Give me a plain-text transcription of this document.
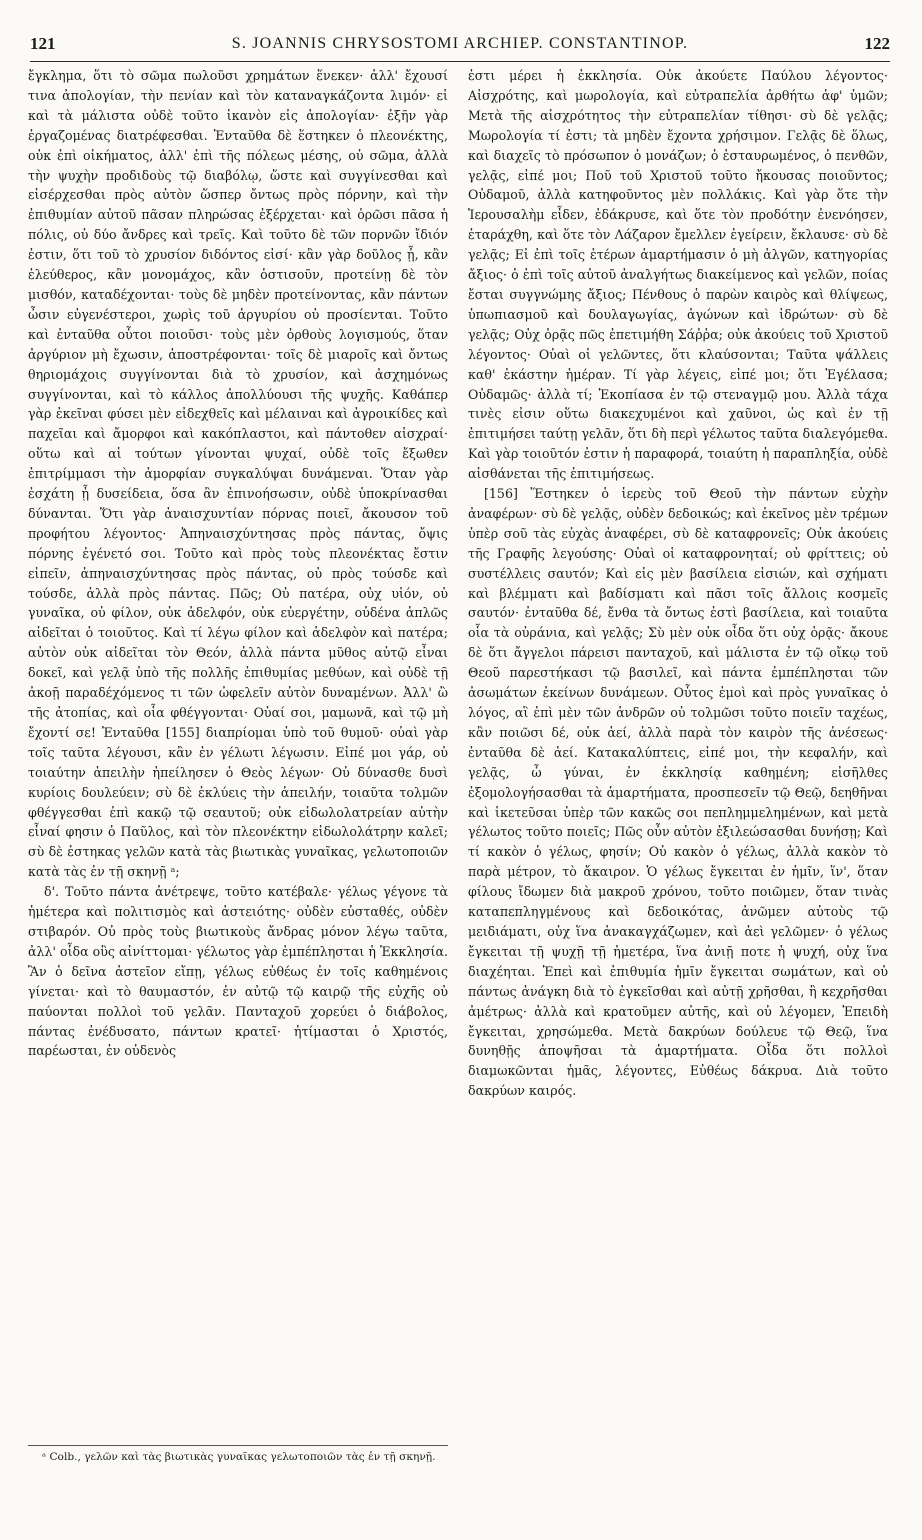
121	S. JOANNIS CHRYSOSTOMI ARCHIEP. CONSTANTINOP.	122

ἔγκλημα, ὅτι τὸ σῶμα πωλοῦσι χρημάτων ἕνεκεν· ἀλλ' ἔχουσί τινα ἀπολογίαν, τὴν πενίαν καὶ τὸν καταναγκάζοντα λιμόν· εἰ καὶ τὰ μάλιστα οὐδὲ τοῦτο ἱκανὸν εἰς ἀπολογίαν· ἐξῆν γὰρ ἐργαζομένας διατρέφεσθαι. Ἐνταῦθα δὲ ἕστηκεν ὁ πλεονέκτης, οὐκ ἐπὶ οἰκήματος, ἀλλ' ἐπὶ τῆς πόλεως μέσης, οὐ σῶμα, ἀλλὰ τὴν ψυχὴν προδιδοὺς τῷ διαβόλῳ, ὥστε καὶ συγγίνεσθαι καὶ εἰσέρχεσθαι πρὸς αὐτὸν ὥσπερ ὄντως πρὸς πόρνην, καὶ τὴν ἐπιθυμίαν αὐτοῦ πᾶσαν πληρώσας ἐξέρχεται· καὶ ὁρῶσι πᾶσα ἡ πόλις, οὐ δύο ἄνδρες καὶ τρεῖς. Καὶ τοῦτο δὲ τῶν πορνῶν ἴδιόν ἐστιν, ὅτι τοῦ τὸ χρυσίον διδόντος εἰσί· κἂν γὰρ δοῦλος ᾖ, κἂν ἐλεύθερος, κἂν μονομάχος, κἂν ὁστισοῦν, προτείνῃ δὲ τὸν μισθόν, καταδέχονται· τοὺς δὲ μηδὲν προτείνοντας, κἂν πάντων ὦσιν εὐγενέστεροι, χωρὶς τοῦ ἀργυρίου οὐ προσίενται. Τοῦτο καὶ ἐνταῦθα οὗτοι ποιοῦσι· τοὺς μὲν ὀρθοὺς λογισμούς, ὅταν ἀργύριον μὴ ἔχωσιν, ἀποστρέφονται· τοῖς δὲ μιαροῖς καὶ ὄντως θηριομάχοις συγγίνονται διὰ τὸ χρυσίον, καὶ ἀσχημόνως συγγίνονται, καὶ τὸ κάλλος ἀπολλύουσι τῆς ψυχῆς. Καθάπερ γὰρ ἐκεῖναι φύσει μὲν εἰδεχθεῖς καὶ μέλαιναι καὶ ἀγροικίδες καὶ παχεῖαι καὶ ἄμορφοι καὶ κακόπλαστοι, καὶ πάντοθεν αἰσχραί· οὕτω καὶ αἱ τούτων γίνονται ψυχαί, οὐδὲ τοῖς ἔξωθεν ἐπιτρίμμασι τὴν ἀμορφίαν συγκαλύψαι δυνάμεναι. Ὅταν γὰρ ἐσχάτη ᾖ δυσείδεια, ὅσα ἂν ἐπινοήσωσιν, οὐδὲ ὑποκρίνασθαι δύνανται. Ὅτι γὰρ ἀναισχυντίαν πόρνας ποιεῖ, ἄκουσον τοῦ προφήτου λέγοντος· Ἀπηναισχύντησας πρὸς πάντας, ὄψις πόρνης ἐγένετό σοι. Τοῦτο καὶ πρὸς τοὺς πλεονέκτας ἔστιν εἰπεῖν, ἀπηναισχύντησας πρὸς πάντας, οὐ πρὸς τούσδε καὶ τούσδε, ἀλλὰ πρὸς πάντας. Πῶς; Οὐ πατέρα, οὐχ υἱόν, οὐ γυναῖκα, οὐ φίλον, οὐκ ἀδελφόν, οὐκ εὐεργέτην, οὐδένα ἁπλῶς αἰδεῖται ὁ τοιοῦτος. Καὶ τί λέγω φίλον καὶ ἀδελφὸν καὶ πατέρα; αὐτὸν οὐκ αἰδεῖται τὸν Θεόν, ἀλλὰ πάντα μῦθος αὐτῷ εἶναι δοκεῖ, καὶ γελᾷ ὑπὸ τῆς πολλῆς ἐπιθυμίας μεθύων, καὶ οὐδὲ τῇ ἀκοῇ παραδέχόμενος τι τῶν ὠφελεῖν αὐτὸν δυναμένων. Ἀλλ' ὢ τῆς ἀτοπίας, καὶ οἷα φθέγγονται· Οὐαί σοι, μαμωνᾶ, καὶ τῷ μὴ ἔχοντί σε! Ἐνταῦθα [155] διαπρίομαι ὑπὸ τοῦ θυμοῦ· οὐαὶ γὰρ τοῖς ταῦτα λέγουσι, κἂν ἐν γέλωτι λέγωσιν. Εἰπέ μοι γάρ, οὐ τοιαύτην ἀπειλὴν ἠπείλησεν ὁ Θεὸς λέγων· Οὐ δύνασθε δυσὶ κυρίοις δουλεύειν; σὺ δὲ ἐκλύεις τὴν ἀπειλήν, τοιαῦτα τολμῶν φθέγγεσθαι ἐπὶ κακῷ τῷ σεαυτοῦ; οὐκ εἰδωλολατρείαν αὐτὴν εἶναί φησιν ὁ Παῦλος, καὶ τὸν πλεονέκτην εἰδωλολάτρην καλεῖ; σὺ δὲ ἐστηκας γελῶν κατὰ τὰς βιωτικὰς γυναῖκας, γελωτοποιῶν κατὰ τὰς ἐν τῇ σκηνῇ ᵃ;

δ'. Τοῦτο πάντα ἀνέτρεψε, τοῦτο κατέβαλε· γέλως γέγονε τὰ ἡμέτερα καὶ πολιτισμὸς καὶ ἀστειότης· οὐδὲν εὐσταθές, οὐδὲν στιβαρόν. Οὐ πρὸς τοὺς βιωτικοὺς ἄνδρας μόνον λέγω ταῦτα, ἀλλ' οἶδα οὓς αἰνίττομαι· γέλωτος γὰρ ἐμπέπλησται ἡ Ἐκκλησία. Ἂν ὁ δεῖνα ἀστεῖον εἴπῃ, γέλως εὐθέως ἐν τοῖς καθημένοις γίνεται· καὶ τὸ θαυμαστόν, ἐν αὐτῷ τῷ καιρῷ τῆς εὐχῆς οὐ παύονται πολλοὶ τοῦ γελᾶν. Πανταχοῦ χορεύει ὁ διάβολος, πάντας ἐνέδυσατο, πάντων κρατεῖ· ἠτίμασται ὁ Χριστός, παρέωσται, ἐν οὐδενὸς

ᵃ Colb., γελῶν καὶ τὰς βιωτικὰς γυναῖκας γελωτοποιῶν τὰς ἐν τῇ σκηνῇ.

ἐστι μέρει ἡ ἐκκλησία. Οὐκ ἀκούετε Παύλου λέγοντος· Αἰσχρότης, καὶ μωρολογία, καὶ εὐτραπελία ἀρθήτω ἀφ' ὑμῶν; Μετὰ τῆς αἰσχρότητος τὴν εὐτραπελίαν τίθησι· σὺ δὲ γελᾷς; Μωρολογία τί ἐστι; τὰ μηδὲν ἔχοντα χρήσιμον. Γελᾷς δὲ ὅλως, καὶ διαχεῖς τὸ πρόσωπον ὁ μονάζων; ὁ ἐσταυρωμένος, ὁ πενθῶν, γελᾷς, εἰπέ μοι; Ποῦ τοῦ Χριστοῦ τοῦτο ἤκουσας ποιοῦντος; Οὐδαμοῦ, ἀλλὰ κατηφοῦντος μὲν πολλάκις. Καὶ γὰρ ὅτε τὴν Ἱερουσαλὴμ εἶδεν, ἐδάκρυσε, καὶ ὅτε τὸν προδότην ἐνενόησεν, ἐταράχθη, καὶ ὅτε τὸν Λάζαρον ἔμελλεν ἐγείρειν, ἔκλαυσε· σὺ δὲ γελᾷς; Εἰ ἐπὶ τοῖς ἑτέρων ἁμαρτήμασιν ὁ μὴ ἀλγῶν, κατηγορίας ἄξιος· ὁ ἐπὶ τοῖς αὐτοῦ ἀναλγήτως διακείμενος καὶ γελῶν, ποίας ἔσται συγγνώμης ἄξιος; Πένθους ὁ παρὼν καιρὸς καὶ θλίψεως, ὑπωπιασμοῦ καὶ δουλαγωγίας, ἀγώνων καὶ ἱδρώτων· σὺ δὲ γελᾷς; Οὐχ ὁρᾷς πῶς ἐπετιμήθη Σάῤῥα; οὐκ ἀκούεις τοῦ Χριστοῦ λέγοντος· Οὐαὶ οἱ γελῶντες, ὅτι κλαύσονται; Ταῦτα ψάλλεις καθ' ἑκάστην ἡμέραν. Τί γὰρ λέγεις, εἰπέ μοι; ὅτι Ἐγέλασα; Οὐδαμῶς· ἀλλὰ τί; Ἐκοπίασα ἐν τῷ στεναγμῷ μου. Ἀλλὰ τάχα τινὲς εἰσιν οὕτω διακεχυμένοι καὶ χαῦνοι, ὡς καὶ ἐν τῇ ἐπιτιμήσει ταύτῃ γελᾶν, ὅτι δὴ περὶ γέλωτος ταῦτα διαλεγόμεθα. Καὶ γὰρ τοιοῦτόν ἐστιν ἡ παραφορά, τοιαύτη ἡ παραπληξία, οὐδὲ αἰσθάνεται τῆς ἐπιτιμήσεως.

[156] Ἕστηκεν ὁ ἱερεὺς τοῦ Θεοῦ τὴν πάντων εὐχὴν ἀναφέρων· σὺ δὲ γελᾷς, οὐδὲν δεδοικώς; καὶ ἐκεῖνος μὲν τρέμων ὑπὲρ σοῦ τὰς εὐχὰς ἀναφέρει, σὺ δὲ καταφρονεῖς; Οὐκ ἀκούεις τῆς Γραφῆς λεγούσης· Οὐαὶ οἱ καταφρονηταί; οὐ φρίττεις; οὐ συστέλλεις σαυτόν; Καὶ εἰς μὲν βασίλεια εἰσιών, καὶ σχήματι καὶ βλέμματι καὶ βαδίσματι καὶ πᾶσι τοῖς ἄλλοις κοσμεῖς σαυτόν· ἐνταῦθα δέ, ἔνθα τὰ ὄντως ἐστὶ βασίλεια, καὶ τοιαῦτα οἷα τὰ οὐράνια, καὶ γελᾷς; Σὺ μὲν οὐκ οἶδα ὅτι οὐχ ὁρᾷς· ἄκουε δὲ ὅτι ἄγγελοι πάρεισι πανταχοῦ, καὶ μάλιστα ἐν τῷ οἴκῳ τοῦ Θεοῦ παρεστήκασι τῷ βασιλεῖ, καὶ πάντα ἐμπέπλησται τῶν ἀσωμάτων ἐκείνων δυνάμεων. Οὗτος ἐμοὶ καὶ πρὸς γυναῖκας ὁ λόγος, αἳ ἐπὶ μὲν τῶν ἀνδρῶν οὐ τολμῶσι τοῦτο ποιεῖν ταχέως, κἂν ποιῶσι δέ, οὐκ ἀεί, ἀλλὰ παρὰ τὸν καιρὸν τῆς ἀνέσεως· ἐνταῦθα δὲ ἀεί. Κατακαλύπτεις, εἰπέ μοι, τὴν κεφαλήν, καὶ γελᾷς, ὦ γύναι, ἐν ἐκκλησίᾳ καθημένη; εἰσῆλθες ἐξομολογήσασθαι τὰ ἁμαρτήματα, προσπεσεῖν τῷ Θεῷ, δεηθῆναι καὶ ἱκετεῦσαι ὑπὲρ τῶν κακῶς σοι πεπλημμελημένων, καὶ μετὰ γέλωτος τοῦτο ποιεῖς; Πῶς οὖν αὐτὸν ἐξιλεώσασθαι δυνήσῃ; Καὶ τί κακὸν ὁ γέλως, φησίν; Οὐ κακὸν ὁ γέλως, ἀλλὰ κακὸν τὸ παρὰ μέτρον, τὸ ἄκαιρον. Ὁ γέλως ἔγκειται ἐν ἡμῖν, ἵν', ὅταν φίλους ἴδωμεν διὰ μακροῦ χρόνου, τοῦτο ποιῶμεν, ὅταν τινὰς καταπεπληγμένους καὶ δεδοικότας, ἀνῶμεν αὐτοὺς τῷ μειδιάματι, οὐχ ἵνα ἀνακαγχάζωμεν, καὶ ἀεὶ γελῶμεν· ὁ γέλως ἔγκειται τῇ ψυχῇ τῇ ἡμετέρα, ἵνα ἀνιῇ ποτε ἡ ψυχή, οὐχ ἵνα διαχέηται. Ἐπεὶ καὶ ἐπιθυμία ἡμῖν ἔγκειται σωμάτων, καὶ οὐ πάντως ἀνάγκη διὰ τὸ ἐγκεῖσθαι καὶ αὐτῇ χρῆσθαι, ἢ κεχρῆσθαι ἀμέτρως· ἀλλὰ καὶ κρατοῦμεν αὐτῆς, καὶ οὐ λέγομεν, Ἐπειδὴ ἔγκειται, χρησώμεθα. Μετὰ δακρύων δούλευε τῷ Θεῷ, ἵνα δυνηθῇς ἀποψῆσαι τὰ ἁμαρτήματα. Οἶδα ὅτι πολλοὶ διαμωκῶνται ἡμᾶς, λέγοντες, Εὐθέως δάκρυα. Διὰ τοῦτο δακρύων καιρός.
